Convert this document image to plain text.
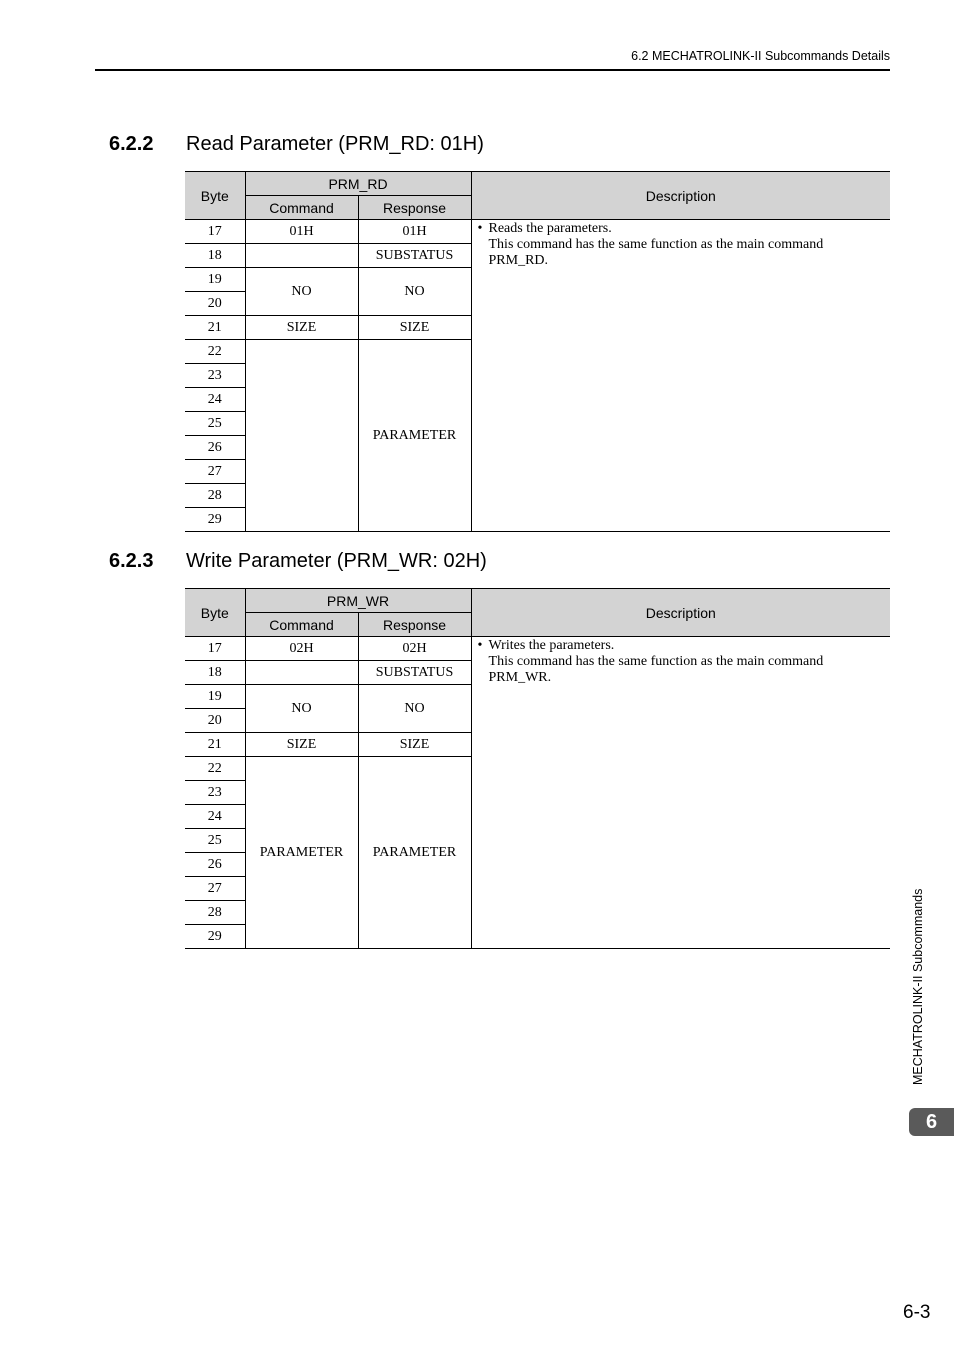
6.2 MECHATROLINK-II Subcommands Details
6.2.2 Read Parameter (PRM_RD: 01H)
Byte	PRM_RD		Description
	Command	Response	
17	01H	01H	• Reads the parameters.
This command has the same function as the main command
PRM_RD.

18		SUBSTATUS	
19	NO	NO	
20			
21	SIZE	SIZE	
22		PARAMETER	
23			
24			
25			
26			
27			
28			
29			
6.2.3 Write Parameter (PRM_WR: 02H)
Byte	PRM_WR		Description
	Command	Response	
17	02H	02H	• Writes the parameters.
This command has the same function as the main command
PRM_WR.

18		SUBSTATUS	
19	NO	NO	
20			
21	SIZE	SIZE	
22	PARAMETER	PARAMETER	
23			
24			
25			
26			
27			
28			
29				MECHATROLINK-II Subcommands
6
6-3
